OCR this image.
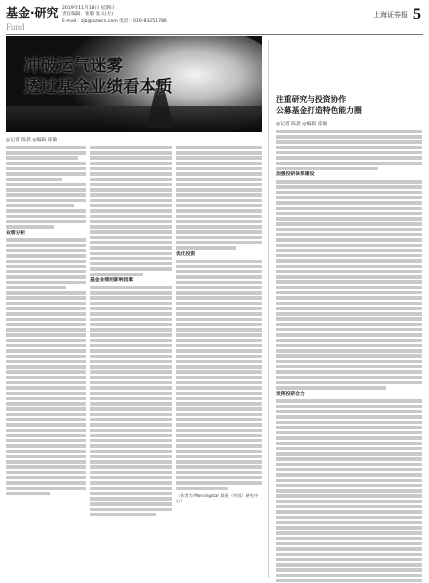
基金·研究
Fund
2019年11月18日 星期日
责任编辑：崔敏 张义(方)
E-mail：zjb@xzwcn.com 电话：010-83251786
上海证券报 5
冲破运气迷雾
透过基金业绩看本质
◎记者 陈晨 ◎编辑 崔敏
业绩分析
基金业绩的影响因素
优化投资
（作者为 Morningstar 晨星（中国）研究中心）
注重研究与投资协作
公募基金打造特色能力圈
◎记者 陈晨 ◎编辑 崔敏
加强投研体系建设
发挥投研合力
